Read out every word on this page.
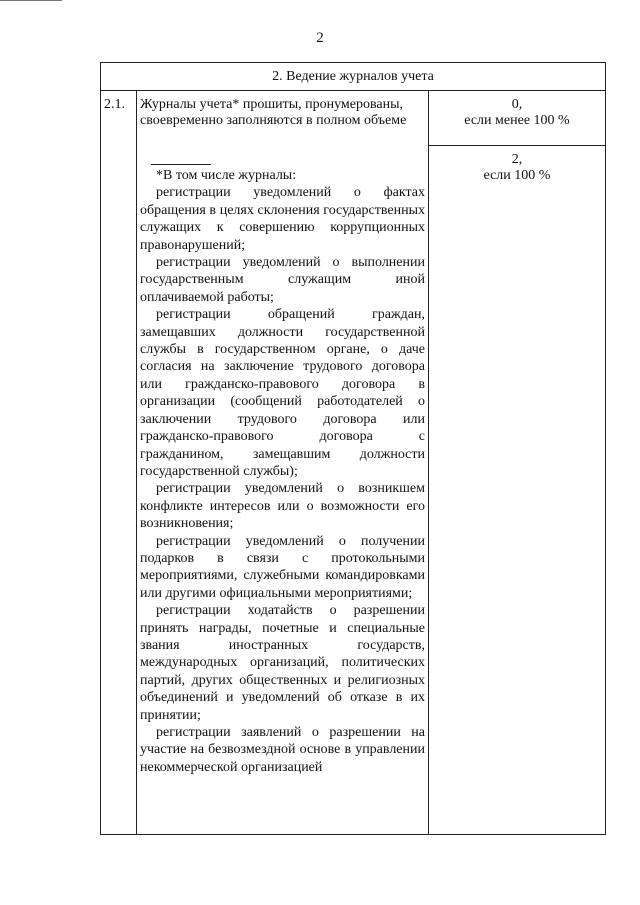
2
2. Ведение журналов учета
2.1. Журналы учета* прошиты, пронумерованы, своевременно заполняются в полном объеме

*В том числе журналы:

регистрации уведомлений о фактах обращения в целях склонения государственных служащих к совершению коррупционных правонарушений;

регистрации уведомлений о выполнении государственным служащим иной оплачиваемой работы;

регистрации обращений граждан, замещавших должности государственной службы в государственном органе, о даче согласия на заключение трудового договора или гражданско-правового договора в организации (сообщений работодателей о заключении трудового договора или гражданско-правового договора с гражданином, замещавшим должности государственной службы);

регистрации уведомлений о возникшем конфликте интересов или о возможности его возникновения;

регистрации уведомлений о получении подарков в связи с протокольными мероприятиями, служебными командировками или другими официальными мероприятиями;

регистрации ходатайств о разрешении принять награды, почетные и специальные звания иностранных государств, международных организаций, политических партий, других общественных и религиозных объединений и уведомлений об отказе в их принятии;

регистрации заявлений о разрешении на участие на безвозмездной основе в управлении некоммерческой организацией

0,
если менее 100 %
2,
если 100 %
